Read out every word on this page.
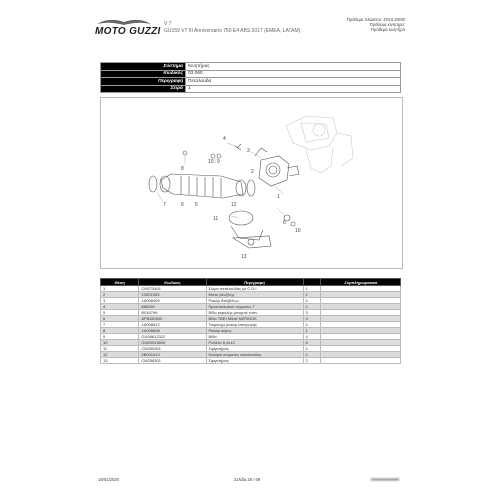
MOTO GUZZI
V 7
GU159 V7 III Anniversario 750 E4 ABS 2017 (EMEA, LATAM)
Πρόθεμα πλαισίου: ZGULDE00
Πρόθεμα κινητήρα:
Πρόθεμα κινητήρα
Σύστημα	Κινητήρας
Κωδικός	03.060
Περιγραφή	Πεταλούδα
Σειρά	1
8
4
3
10 9
1
2
7	6 5	12
11
13
6
10
Θέση	Κωδικός	Περιγραφή		Συμπληρωματικά
1	CM275401	Σώμα πεταλούδας με C.D.I.	1	
2	1000Σ393	Μπεκ βενζίνης	2	
3	1A008409	Ρακόρ Βαλβίδων	2	
4	886260	Προστατευτικό σώματος Τ	2	
5	B016796	Βίδα κεφαλής μπομπέ τοπν	3	
6	AP8150500	Βίδα TBEI M5x8 NERINOK	4	
7	1A008612	Τσιμούχα ρακόρ εισαγωγής	2	
8	1A006608	Ρακόρ αέρος	1	
9	GU98612322	Βίδα	4	
10	GU65013800	Ροδέλα 6,4x12	6	
11	CM258301	Σφιγκτήρας	2	
12	2B001613	Κολάρο σώματος πεταλούδας	2	
13	CM258301	Σφιγκτήρας	2	
19/01/2020	Σελίδα 26 / 69
